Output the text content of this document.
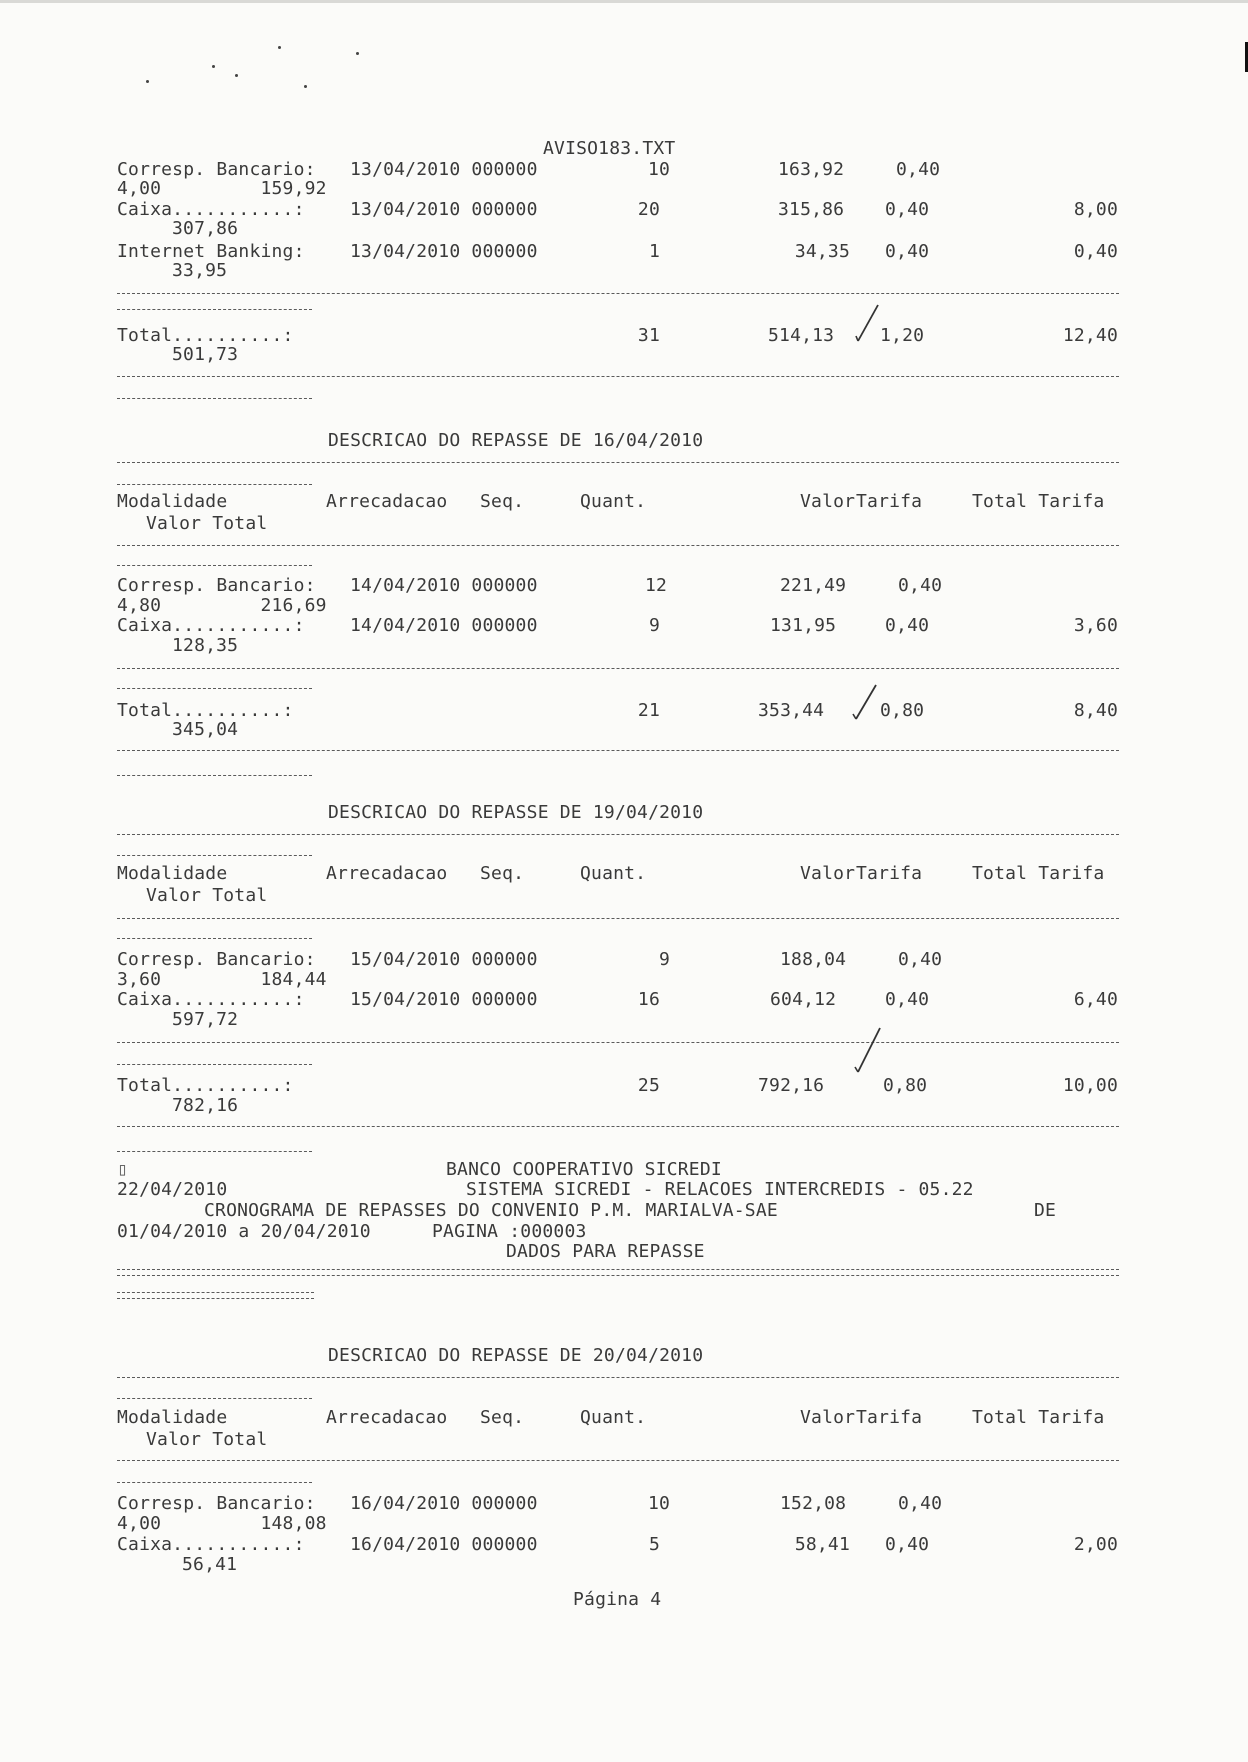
AVISO183.TXT
Corresp. Bancario: 13/04/2010 000000	10	163,92	0,40
4,00         159,92
Caixa...........:	13/04/2010 000000	20	315,86 0,40	8,00
307,86
Internet Banking:	13/04/2010 000000	1	34,35 0,40	0,40
33,95
Total..........:	31	514,13	1,20	12,40
501,73
DESCRICAO DO REPASSE DE 16/04/2010
Modalidade	Arrecadacao Seq.	Quant.	Valor Tarifa	Total Tarifa
Valor Total
Corresp. Bancario: 14/04/2010 000000	12	221,49	0,40
4,80         216,69
Caixa...........:	14/04/2010 000000	9	131,95	0,40	3,60
128,35
Total..........:	21	353,44	0,80	8,40
345,04
DESCRICAO DO REPASSE DE 19/04/2010
Modalidade	Arrecadacao Seq.	Quant.	Valor Tarifa	Total Tarifa
Valor Total
Corresp. Bancario: 15/04/2010 000000	9	188,04	0,40
3,60         184,44
Caixa...........:	15/04/2010 000000	16	604,12	0,40	6,40
597,72
Total..........:	25	792,16	0,80	10,00
782,16
▯	BANCO COOPERATIVO SICREDI
22/04/2010	SISTEMA SICREDI - RELACOES INTERCREDIS - 05.22
CRONOGRAMA DE REPASSES DO CONVENIO P.M. MARIALVA-SAE	DE
01/04/2010 a 20/04/2010	PAGINA :000003
DADOS PARA REPASSE
DESCRICAO DO REPASSE DE 20/04/2010
Modalidade	Arrecadacao Seq.	Quant.	Valor Tarifa	Total Tarifa
Valor Total
Corresp. Bancario: 16/04/2010 000000	10	152,08	0,40
4,00         148,08
Caixa...........:	16/04/2010 000000	5	58,41 0,40	2,00
56,41
Página 4
